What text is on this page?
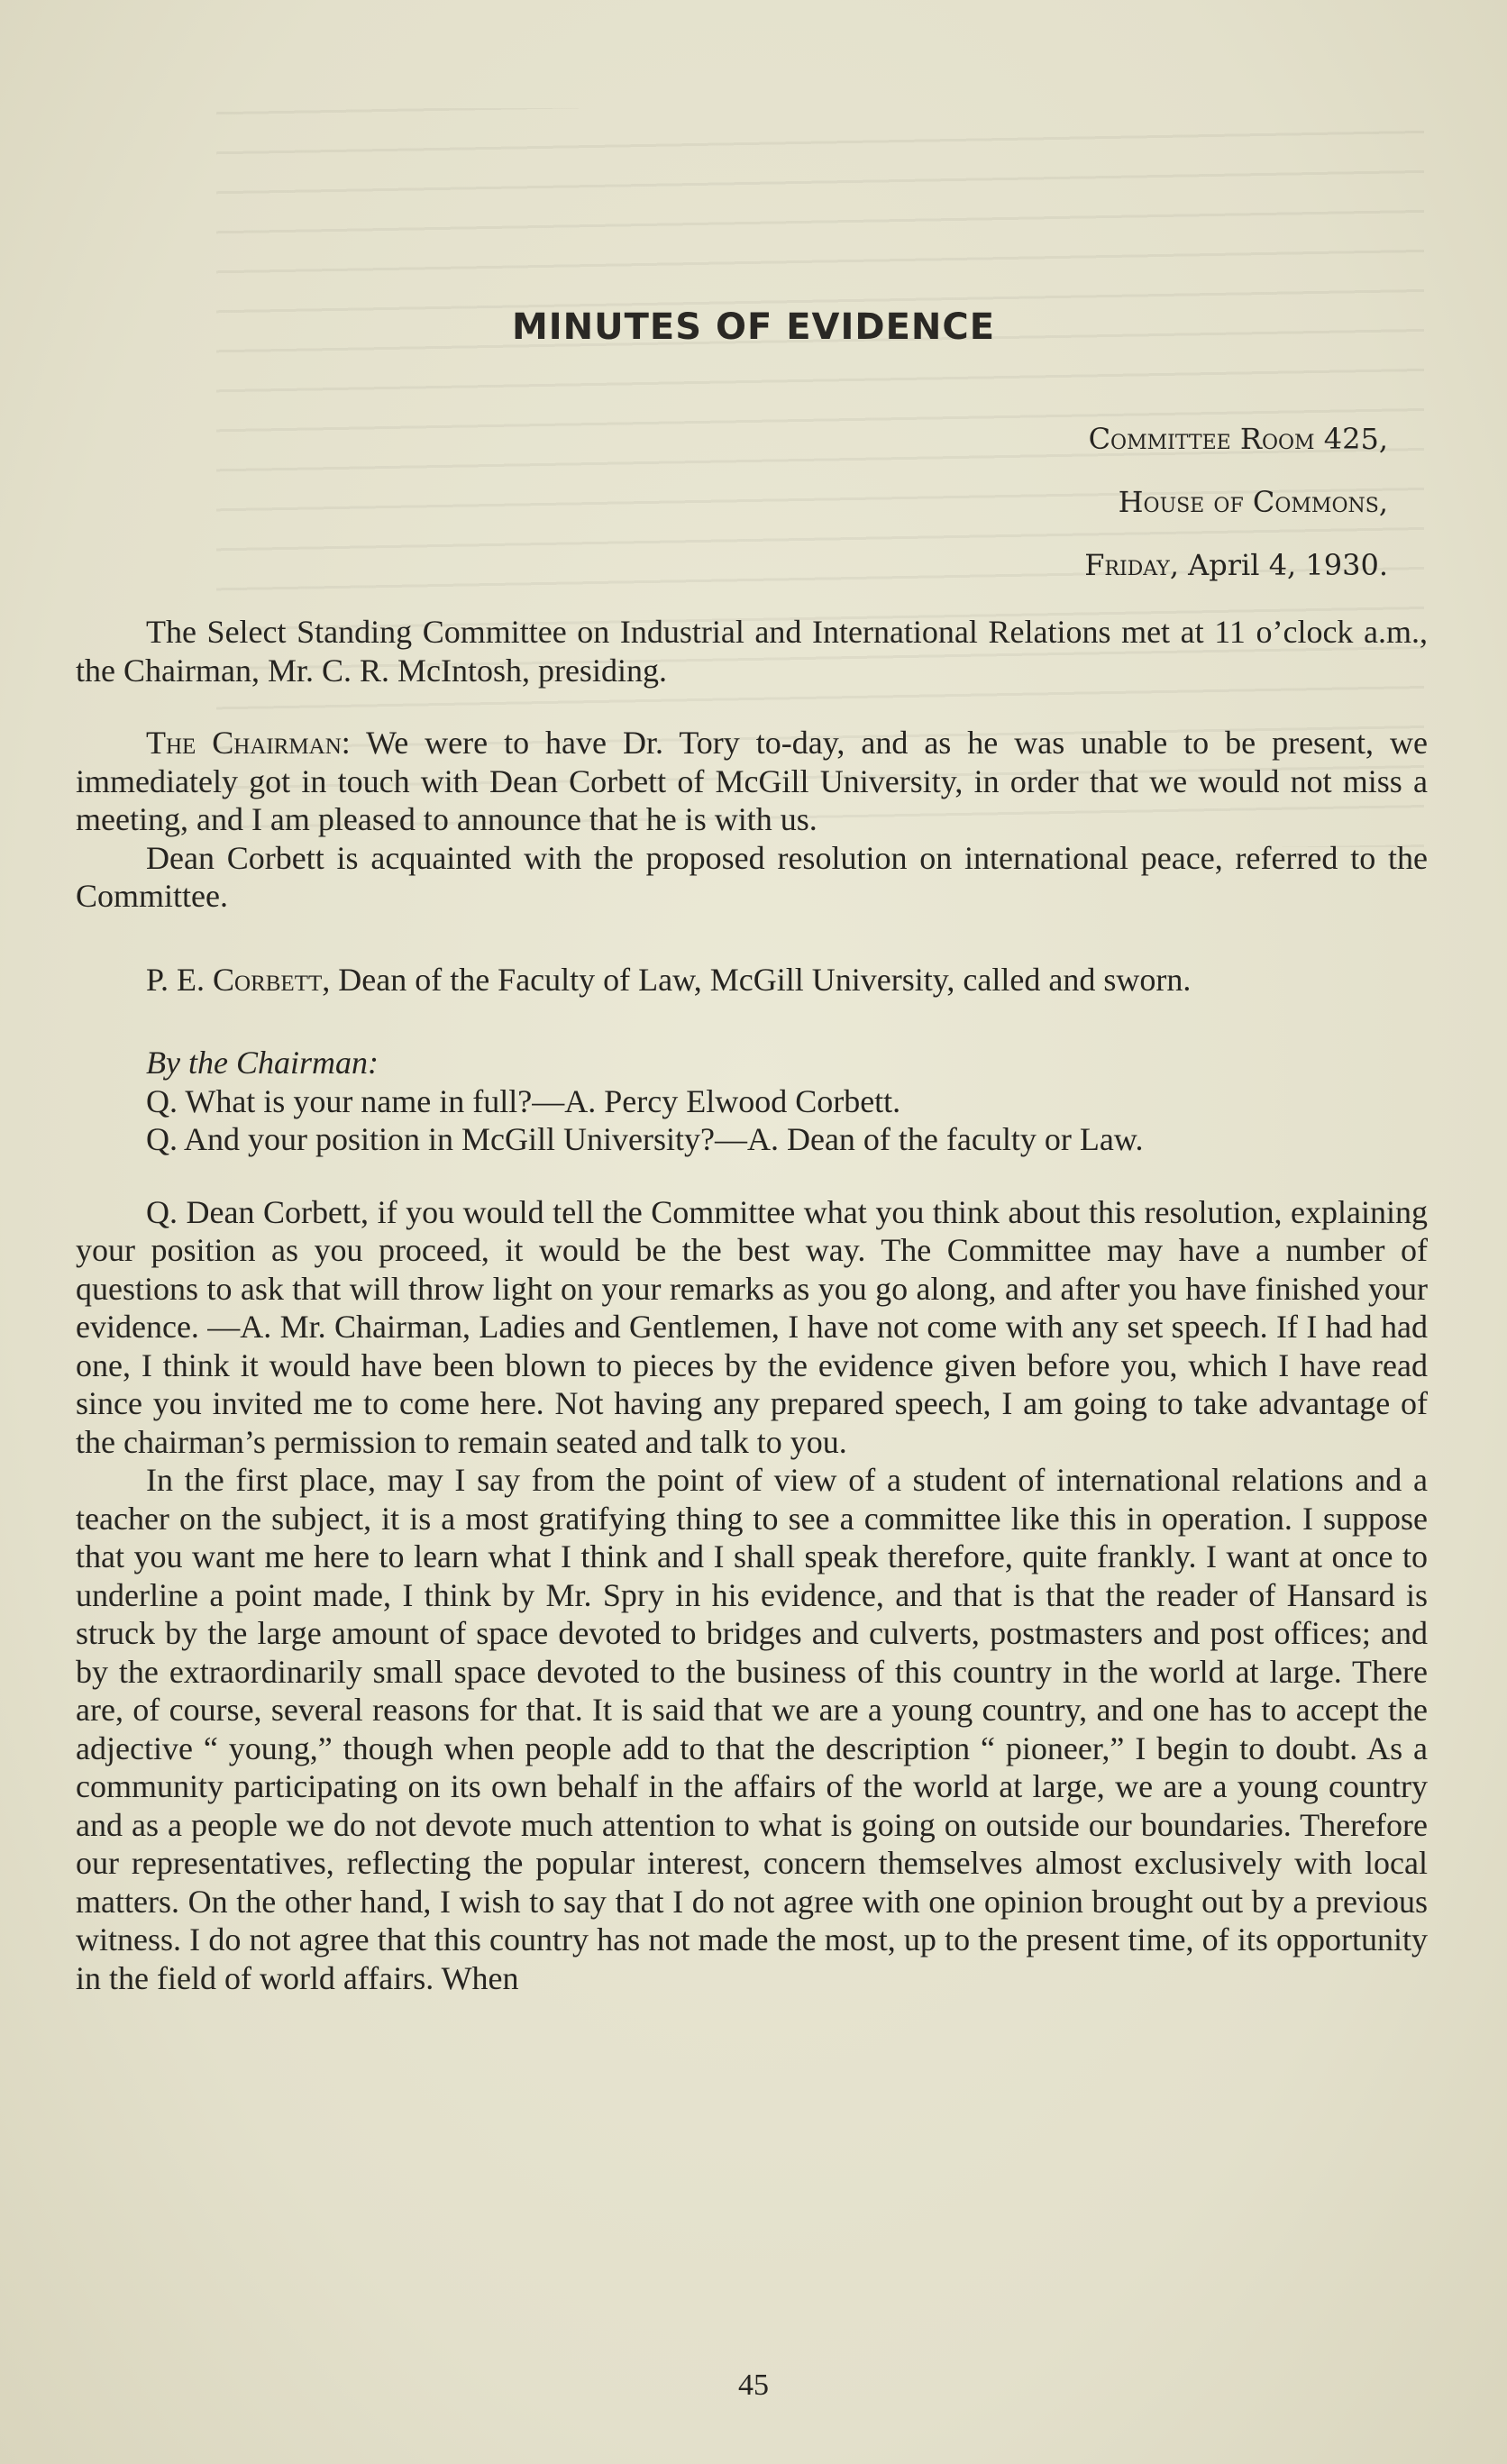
MINUTES OF EVIDENCE
Committee Room 425,
House of Commons,
Friday, April 4, 1930.

The Select Standing Committee on Industrial and International Relations met at 11 o’clock a.m., the Chairman, Mr. C. R. McIntosh, presiding.

The Chairman: We were to have Dr. Tory to-day, and as he was unable to be present, we immediately got in touch with Dean Corbett of McGill University, in order that we would not miss a meeting, and I am pleased to announce that he is with us.

Dean Corbett is acquainted with the proposed resolution on international peace, referred to the Committee.

P. E. Corbett, Dean of the Faculty of Law, McGill University, called and sworn.

By the Chairman:

Q. What is your name in full?—A. Percy Elwood Corbett.

Q. And your position in McGill University?—A. Dean of the faculty or Law.

Q. Dean Corbett, if you would tell the Committee what you think about this resolution, explaining your position as you proceed, it would be the best way. The Committee may have a number of questions to ask that will throw light on your remarks as you go along, and after you have finished your evidence. —A. Mr. Chairman, Ladies and Gentlemen, I have not come with any set speech. If I had had one, I think it would have been blown to pieces by the evidence given before you, which I have read since you invited me to come here. Not having any prepared speech, I am going to take advantage of the chairman’s permission to remain seated and talk to you.

In the first place, may I say from the point of view of a student of international relations and a teacher on the subject, it is a most gratifying thing to see a committee like this in operation. I suppose that you want me here to learn what I think and I shall speak therefore, quite frankly. I want at once to underline a point made, I think by Mr. Spry in his evidence, and that is that the reader of Hansard is struck by the large amount of space devoted to bridges and culverts, postmasters and post offices; and by the extraordinarily small space devoted to the business of this country in the world at large. There are, of course, several reasons for that. It is said that we are a young country, and one has to accept the adjective “ young,” though when people add to that the description “ pioneer,” I begin to doubt. As a community participating on its own behalf in the affairs of the world at large, we are a young country and as a people we do not devote much attention to what is going on outside our boundaries. Therefore our representatives, reflecting the popular interest, concern themselves almost exclusively with local matters. On the other hand, I wish to say that I do not agree with one opinion brought out by a previous witness. I do not agree that this country has not made the most, up to the present time, of its opportunity in the field of world affairs. When

45
